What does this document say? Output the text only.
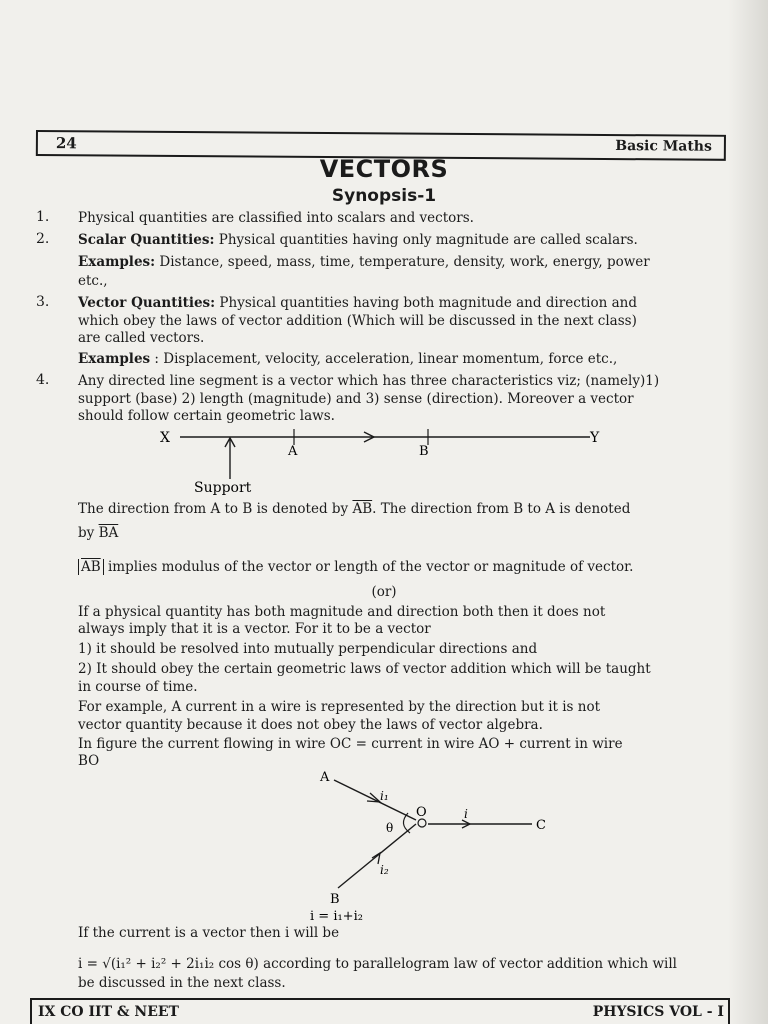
24	Basic Maths
VECTORS
Synopsis-1
1. Physical quantities are classified into scalars and vectors.
2. Scalar Quantities: Physical quantities having only magnitude are called scalars.
Examples: Distance, speed, mass, time, temperature, density, work, energy, power
etc.,
3. Vector Quantities: Physical quantities having both magnitude and direction and
which obey the laws of vector addition (Which will be discussed in the next class)
are called vectors.
Examples : Displacement, velocity, acceleration, linear momentum, force etc.,
4. Any directed line segment is a vector which has three characteristics viz; (namely)1)
support (base) 2) length (magnitude) and 3) sense (direction). Moreover a vector
should follow certain geometric laws.
X	Y
A	B
Support
The direction from A to B is denoted by $\overline{AB}$. The direction from B to A is denoted
by $\overline{BA}$
$\overline{AB}$ implies modulus of the vector or length of the vector or magnitude of vector.
(or)
If a physical quantity has both magnitude and direction both then it does not
always imply that it is a vector. For it to be a vector
1) it should be resolved into mutually perpendicular directions and
2) It should obey the certain geometric laws of vector addition which will be taught
in course of time.
For example, A current in a wire is represented by the direction but it is not
vector quantity because it does not obey the laws of vector algebra.
In figure the current flowing in wire OC = current in wire AO + current in wire
BO
A
B
O
C
θ
i₁
i₂
i
i = i₁+i₂
If the current is a vector then i will be
i = √(i₁² + i₂² + 2i₁i₂ cos θ) according to parallelogram law of vector addition which will
be discussed in the next class.
IX CO IIT & NEET	PHYSICS VOL - I
